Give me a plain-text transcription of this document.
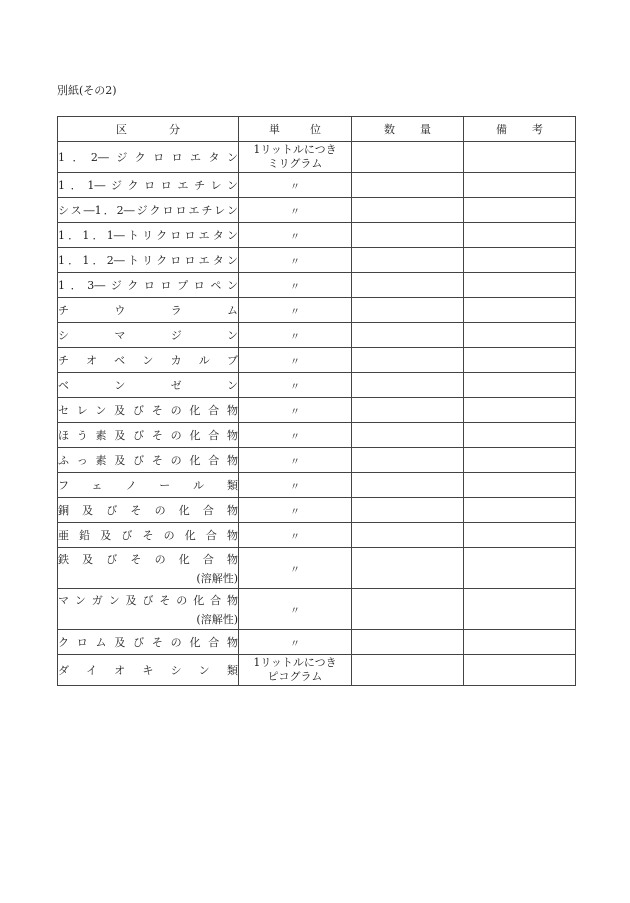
別紙(その2)
区 分	単 位	数 量	備 考

1．2―ジクロロエタン	1リットルにつき
ミリグラム		

1．1―ジクロロエチレン	〃		
シス―1．2―ジクロロエチレン	〃		
1．1．1―トリクロロエタン	〃		
1．1．2―トリクロロエタン	〃		
1．3―ジクロロプロペン	〃		
チウラム	〃		
シマジン	〃		
チオベンカルブ	〃		
ベンゼン	〃		
セレン及びその化合物	〃		
ほう素及びその化合物	〃		
ふっ素及びその化合物	〃		
フェノール類	〃		
銅及びその化合物	〃		
亜鉛及びその化合物	〃		

鉄及びその化合物
(溶解性)	〃		

マンガン及びその化合物
(溶解性)	〃		
クロム及びその化合物	〃		
ダイオキシン類	1リットルにつき
ピコグラム		
